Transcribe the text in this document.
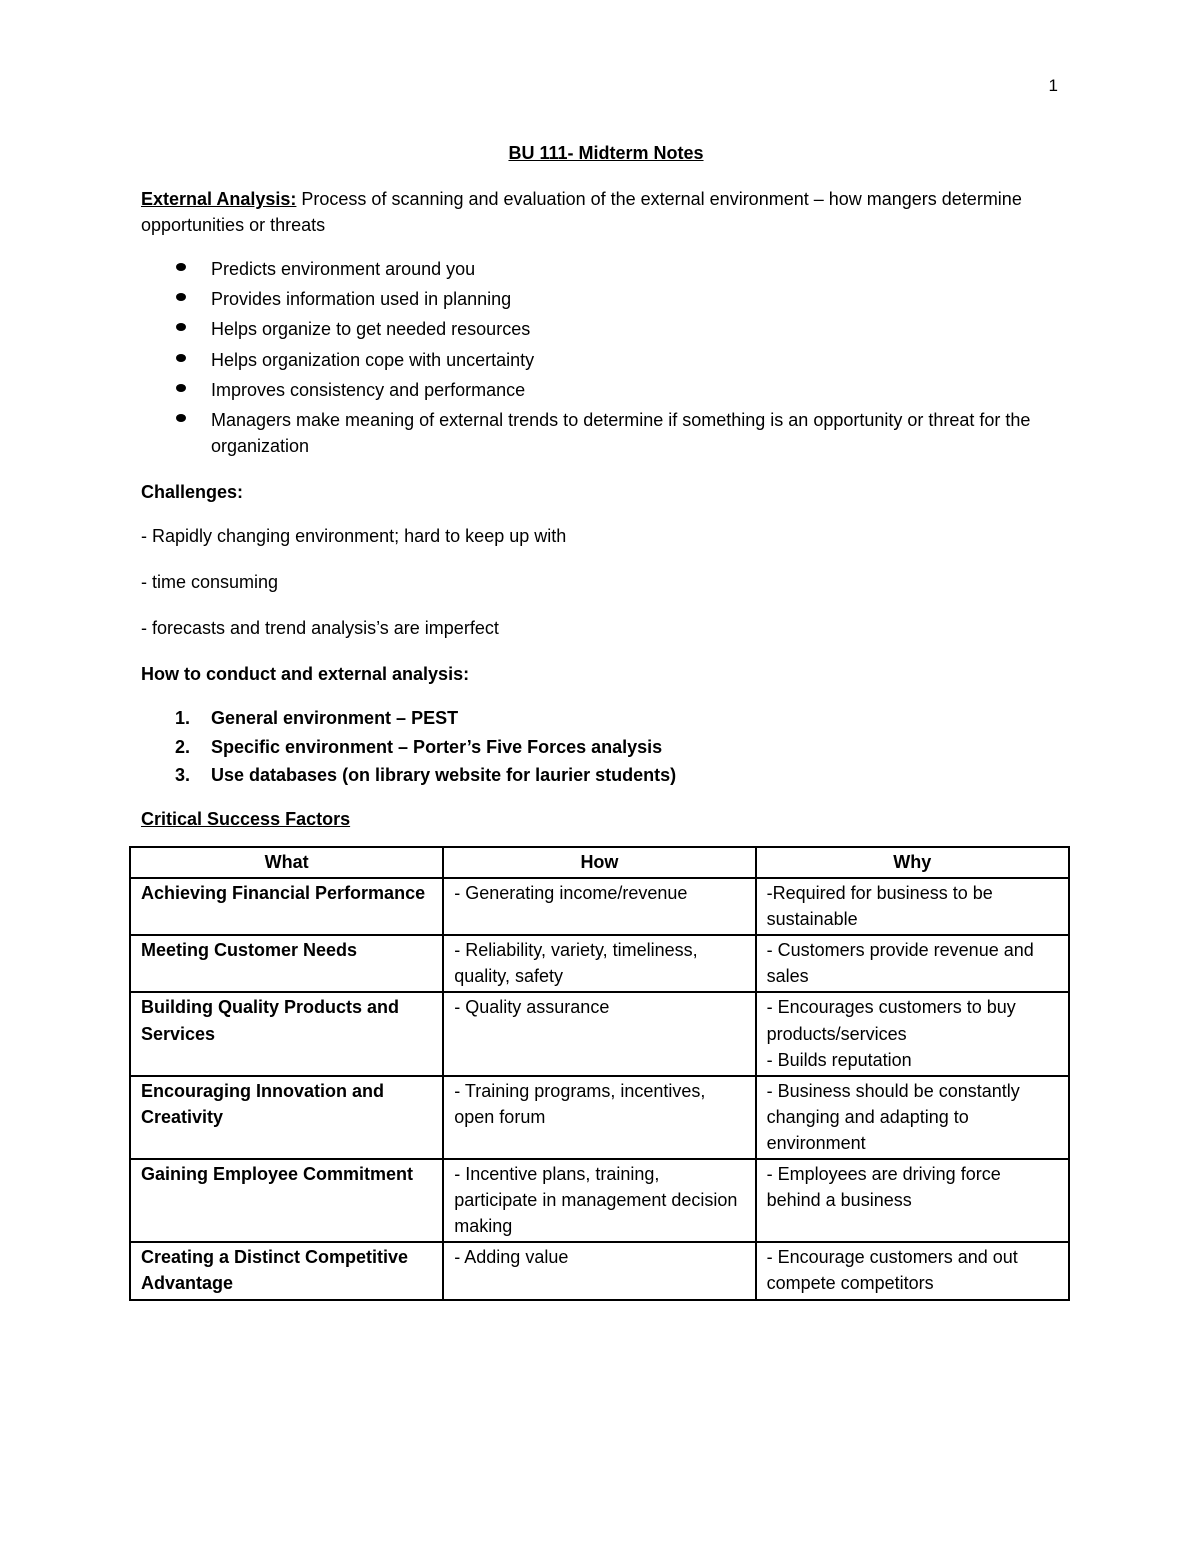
1
BU 111- Midterm Notes

External Analysis: Process of scanning and evaluation of the external environment – how mangers determine opportunities or threats

Predicts environment around you
Provides information used in planning
Helps organize to get needed resources
Helps organization cope with uncertainty
Improves consistency and performance
Managers make meaning of external trends to determine if something is an opportunity or threat for the organization
Challenges:

- Rapidly changing environment; hard to keep up with

- time consuming

- forecasts and trend analysis’s are imperfect

How to conduct and external analysis:
1. General environment – PEST
2. Specific environment – Porter’s Five Forces analysis
3. Use databases (on library website for laurier students)
Critical Success Factors
What	How	Why
Achieving Financial Performance	- Generating income/revenue	-Required for business to be sustainable
Meeting Customer Needs	- Reliability, variety, timeliness, quality, safety	- Customers provide revenue and sales
Building Quality Products and Services	- Quality assurance	- Encourages customers to buy products/services
- Builds reputation
Encouraging Innovation and Creativity	- Training programs, incentives, open forum	- Business should be constantly changing and adapting to environment
Gaining Employee Commitment	- Incentive plans, training, participate in management decision making	- Employees are driving force behind a business
Creating a Distinct Competitive Advantage	- Adding value	- Encourage customers and out compete competitors
